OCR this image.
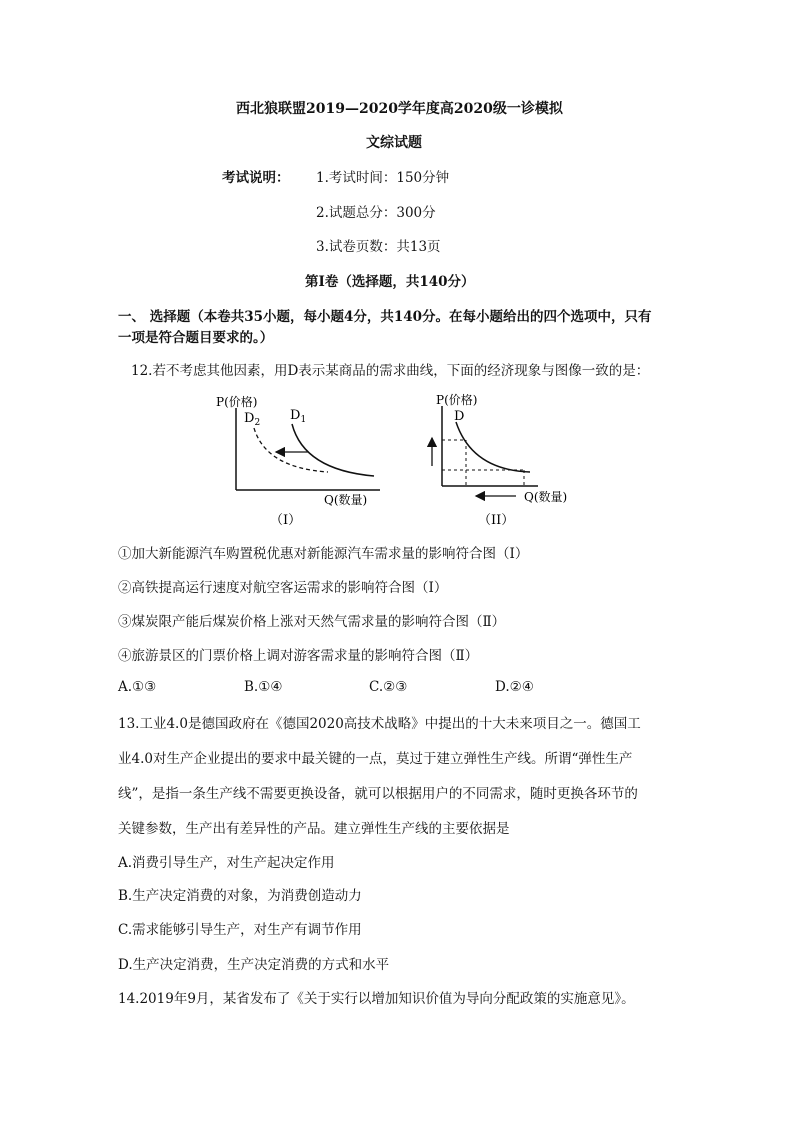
西北狼联盟2019—2020学年度高2020级一诊模拟
文综试题
考试说明： 1.考试时间：150分钟
2.试题总分：300分
3.试卷页数：共13页
第Ⅰ卷（选择题，共140分）
一、 选择题（本卷共35小题，每小题4分，共140分。在每小题给出的四个选项中，只有
一项是符合题目要求的。）
12.若不考虑其他因素，用D表示某商品的需求曲线，下面的经济现象与图像一致的是：
P(价格)
Q(数量)
$D_2$ $D_1$
（I）
P(价格)
D
Q(数量)
（II）
①加大新能源汽车购置税优惠对新能源汽车需求量的影响符合图（Ⅰ）
②高铁提高运行速度对航空客运需求的影响符合图（Ⅰ）
③煤炭限产能后煤炭价格上涨对天然气需求量的影响符合图（Ⅱ）
④旅游景区的门票价格上调对游客需求量的影响符合图（Ⅱ）
A.①③	B.①④	C.②③	D.②④
13.工业4.0是德国政府在《德国2020高技术战略》中提出的十大未来项目之一。德国工
业4.0对生产企业提出的要求中最关键的一点，莫过于建立弹性生产线。所谓“弹性生产
线”，是指一条生产线不需要更换设备，就可以根据用户的不同需求，随时更换各环节的
关键参数，生产出有差异性的产品。建立弹性生产线的主要依据是
A.消费引导生产，对生产起决定作用
B.生产决定消费的对象，为消费创造动力
C.需求能够引导生产，对生产有调节作用
D.生产决定消费，生产决定消费的方式和水平
14.2019年9月，某省发布了《关于实行以增加知识价值为导向分配政策的实施意见》。
